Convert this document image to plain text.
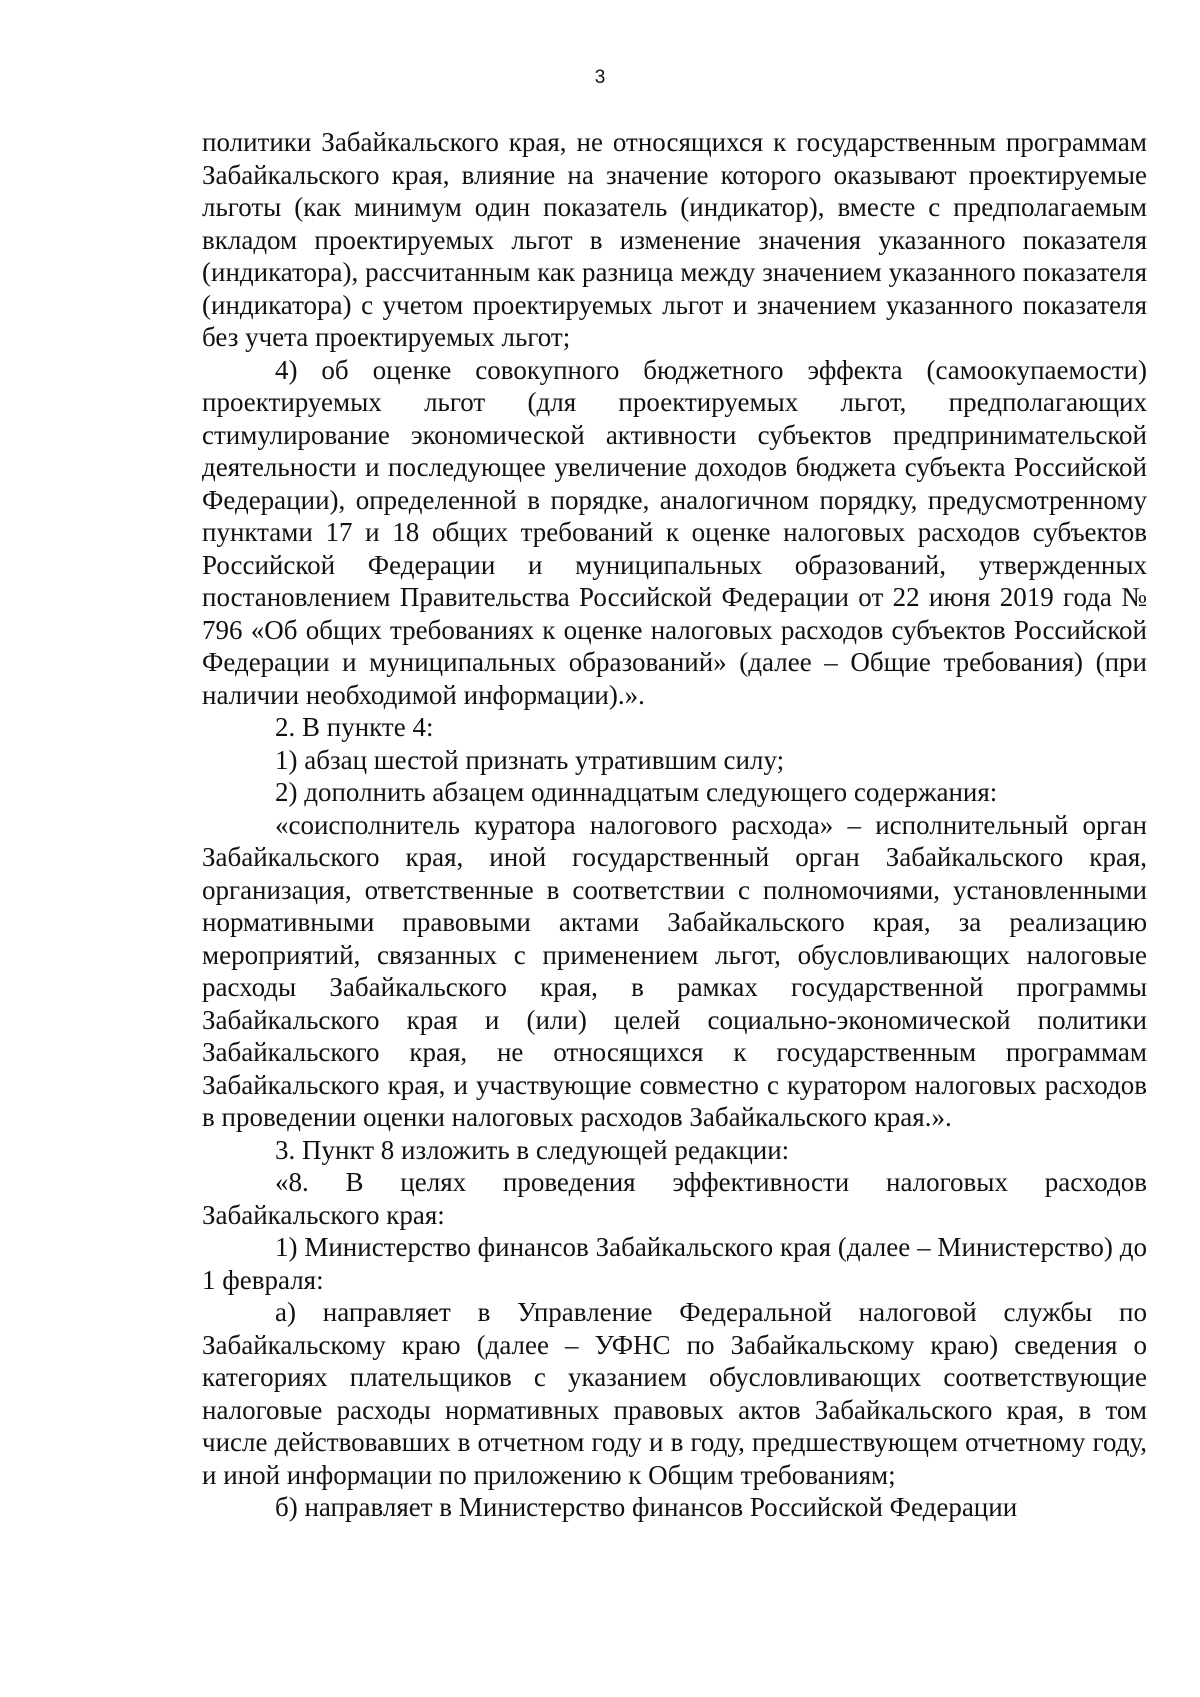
3

политики Забайкальского края, не относящихся к государственным программам Забайкальского края, влияние на значение которого оказывают проектируемые льготы (как минимум один показатель (индикатор), вместе с предполагаемым вкладом проектируемых льгот в изменение значения указанного показателя (индикатора), рассчитанным как разница между значением указанного показателя (индикатора) с учетом проектируемых льгот и значением указанного показателя без учета проектируемых льгот;

4) об оценке совокупного бюджетного эффекта (самоокупаемости) проектируемых льгот (для проектируемых льгот, предполагающих стимулирование экономической активности субъектов предпринимательской деятельности и последующее увеличение доходов бюджета субъекта Российской Федерации), определенной в порядке, аналогичном порядку, предусмотренному пунктами 17 и 18 общих требований к оценке налоговых расходов субъектов Российской Федерации и муниципальных образований, утвержденных постановлением Правительства Российской Федерации от 22 июня 2019 года № 796 «Об общих требованиях к оценке налоговых расходов субъектов Российской Федерации и муниципальных образований» (далее – Общие требования) (при наличии необходимой информации).».

2. В пункте 4:

1) абзац шестой признать утратившим силу;

2) дополнить абзацем одиннадцатым следующего содержания:

«соисполнитель куратора налогового расхода» – исполнительный орган Забайкальского края, иной государственный орган Забайкальского края, организация, ответственные в соответствии с полномочиями, установленными нормативными правовыми актами Забайкальского края, за реализацию мероприятий, связанных с применением льгот, обусловливающих налоговые расходы Забайкальского края, в рамках государственной программы Забайкальского края и (или) целей социально-экономической политики Забайкальского края, не относящихся к государственным программам Забайкальского края, и участвующие совместно с куратором налоговых расходов в проведении оценки налоговых расходов Забайкальского края.».

3. Пункт 8 изложить в следующей редакции:

«8. В целях проведения эффективности налоговых расходов Забайкальского края:

1) Министерство финансов Забайкальского края (далее – Министерство) до 1 февраля:

а) направляет в Управление Федеральной налоговой службы по Забайкальскому краю (далее – УФНС по Забайкальскому краю) сведения о категориях плательщиков с указанием обусловливающих соответствующие налоговые расходы нормативных правовых актов Забайкальского края, в том числе действовавших в отчетном году и в году, предшествующем отчетному году, и иной информации по приложению к Общим требованиям;

б) направляет в Министерство финансов Российской Федерации
